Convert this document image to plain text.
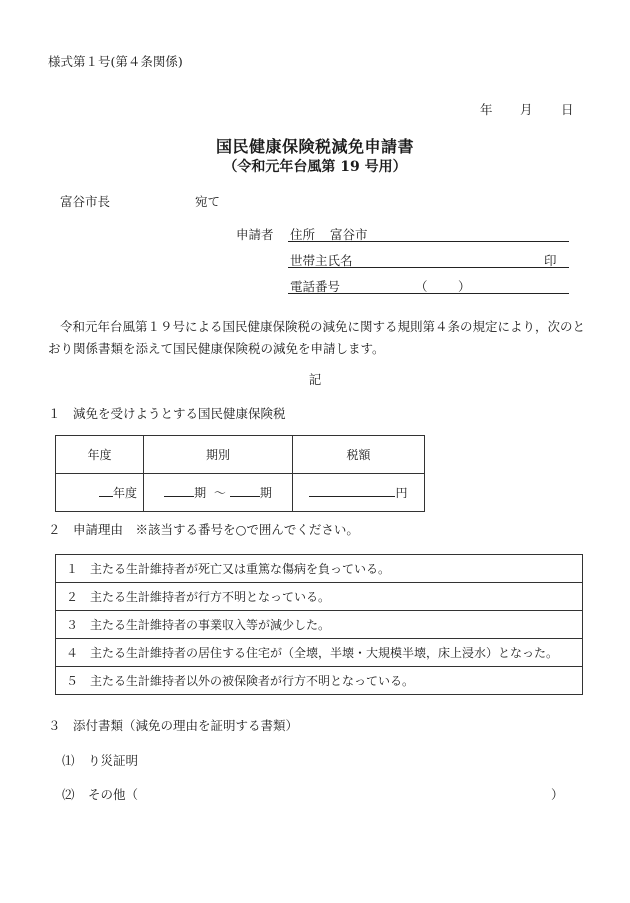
様式第１号(第４条関係)
年 月 日
国民健康保険税減免申請書
（令和元年台風第 19 号用）
富谷市長	宛て
申請者 住所 富谷市
世帯主氏名	印
電話番号	（ ）
令和元年台風第１９号による国民健康保険税の減免に関する規則第４条の規定により，次のとおり関係書類を添えて国民健康保険税の減免を申請します。
記
１　減免を受けようとする国民健康保険税
年度	期別	税額
年度	期 ～ 期	円
２　申請理由　※該当する番号を○で囲んでください。
１　主たる生計維持者が死亡又は重篤な傷病を負っている。
２　主たる生計維持者が行方不明となっている。
３　主たる生計維持者の事業収入等が減少した。
４　主たる生計維持者の居住する住宅が（全壊，半壊・大規模半壊，床上浸水）となった。
５　主たる生計維持者以外の被保険者が行方不明となっている。
３　添付書類（減免の理由を証明する書類）
⑴ り災証明
⑵ その他（	）
